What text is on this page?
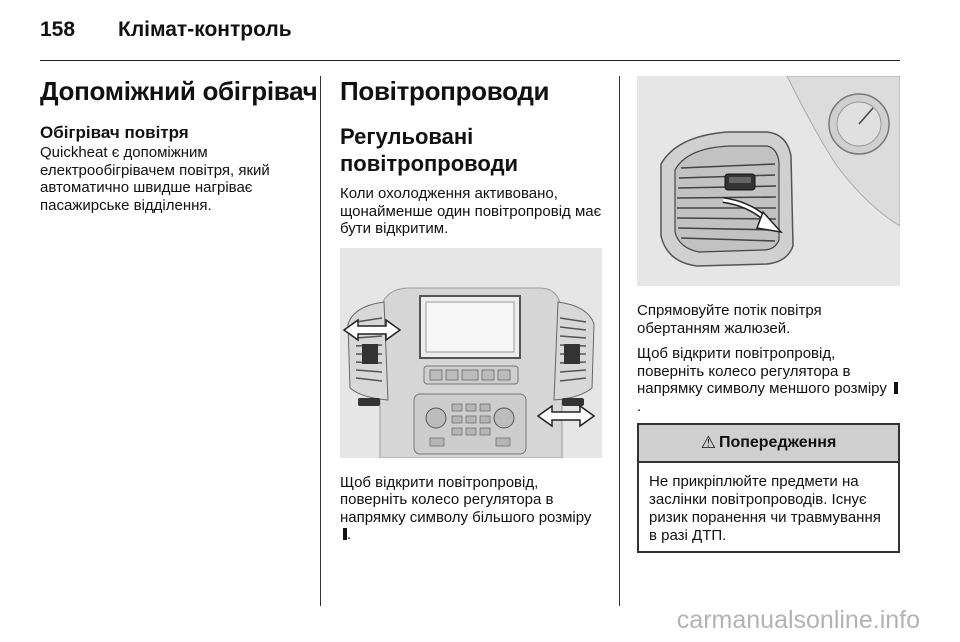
158 Клімат-контроль
Допоміжний обігрівач
Обігрівач повітря

Quickheat є допоміжним електрообігрівачем повітря, який автоматично швидше нагріває пасажирське відділення.

Повітропроводи
Регульовані повітропроводи

Коли охолодження активовано, щонайменше один повітропровід має бути відкритим.

Щоб відкрити повітропровід, поверніть колесо регулятора в напрямку символу більшого розміру .

Спрямовуйте потік повітря обертанням жалюзей.

Щоб відкрити повітропровід, поверніть колесо регулятора в напрямку символу меншого розміру .

⚠ Попередження

Не прикріплюйте предмети на заслінки повітропроводів. Існує ризик поранення чи травмування в разі ДТП.

carmanualsonline.info
